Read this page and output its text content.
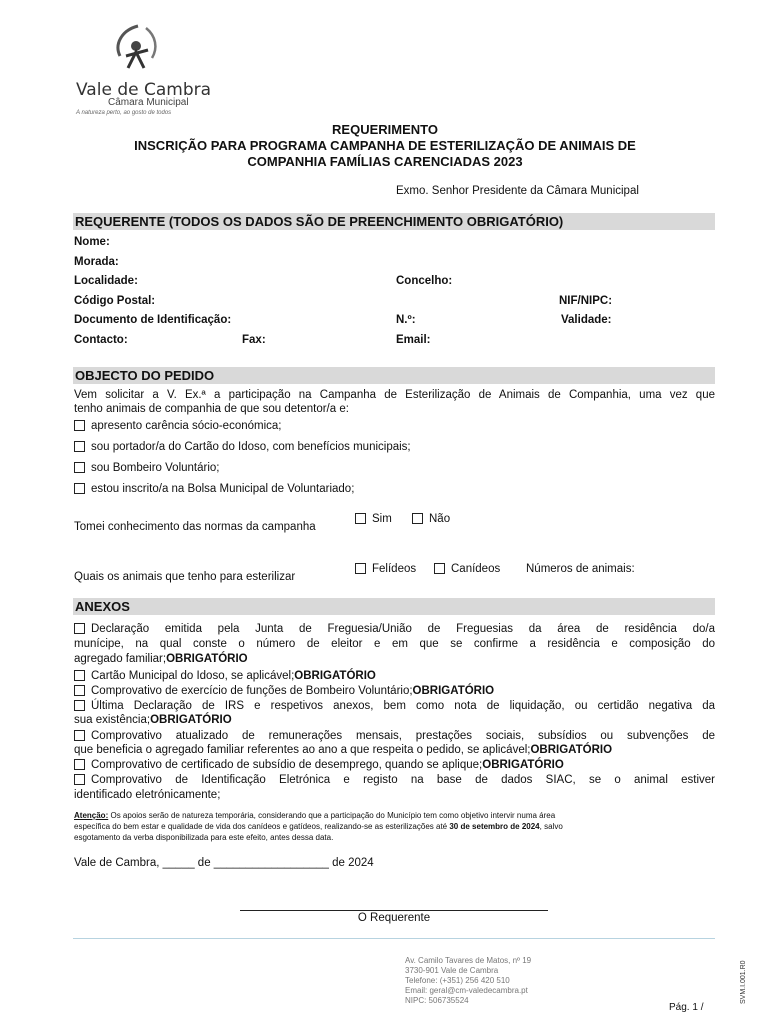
Vale de Cambra
Câmara Municipal
A natureza perto, ao gosto de todos
REQUERIMENTO
INSCRIÇÃO PARA PROGRAMA CAMPANHA DE ESTERILIZAÇÃO DE ANIMAIS DE
COMPANHIA FAMÍLIAS CARENCIADAS 2023
Exmo. Senhor Presidente da Câmara Municipal
REQUERENTE (TODOS OS DADOS SÃO DE PREENCHIMENTO OBRIGATÓRIO)
Nome:
Morada:
Localidade:	Concelho:
Código Postal:	NIF/NIPC:
Documento de Identificação:	N.º:	Validade:
Contacto:	Fax:	Email:
OBJECTO DO PEDIDO
Vem solicitar a V. Ex.ª a participação na Campanha de Esterilização de Animais de Companhia, uma vez que
tenho animais de companhia de que sou detentor/a e:
apresento carência sócio-económica;
sou portador/a do Cartão do Idoso, com benefícios municipais;
sou Bombeiro Voluntário;
estou inscrito/a na Bolsa Municipal de Voluntariado;
Tomei conhecimento das normas da campanha
Sim	Não
Quais os animais que tenho para esterilizar
Felídeos	Canídeos Números de animais:
ANEXOS
Declaração emitida pela Junta de Freguesia/União de Freguesias da área de residência do/a
munícipe, na qual conste o número de eleitor e em que se confirme a residência e composição do
agregado familiar;OBRIGATÓRIO
Cartão Municipal do Idoso, se aplicável;OBRIGATÓRIO
Comprovativo de exercício de funções de Bombeiro Voluntário;OBRIGATÓRIO
Última Declaração de IRS e respetivos anexos, bem como nota de liquidação, ou certidão negativa da
sua existência;OBRIGATÓRIO
Comprovativo atualizado de remunerações mensais, prestações sociais, subsídios ou subvenções de
que beneficia o agregado familiar referentes ao ano a que respeita o pedido, se aplicável;OBRIGATÓRIO
Comprovativo de certificado de subsídio de desemprego, quando se aplique;OBRIGATÓRIO
Comprovativo de Identificação Eletrónica e registo na base de dados SIAC, se o animal estiver
identificado eletrónicamente;
Atenção: Os apoios serão de natureza temporária, considerando que a participação do Município tem como objetivo intervir numa área
específica do bem estar e qualidade de vida dos canídeos e gatídeos, realizando-se as esterilizações até 30 de setembro de 2024, salvo
esgotamento da verba disponibilizada para este efeito, antes dessa data.
Vale de Cambra, _____ de __________________ de 2024
O Requerente
Av. Camilo Tavares de Matos, nº 19
3730-901 Vale de Cambra
Telefone: (+351) 256 420 510
Email: geral@cm-valedecambra.pt
NIPC: 506735524
Pág. 1 /
SVM.I.001.R0
